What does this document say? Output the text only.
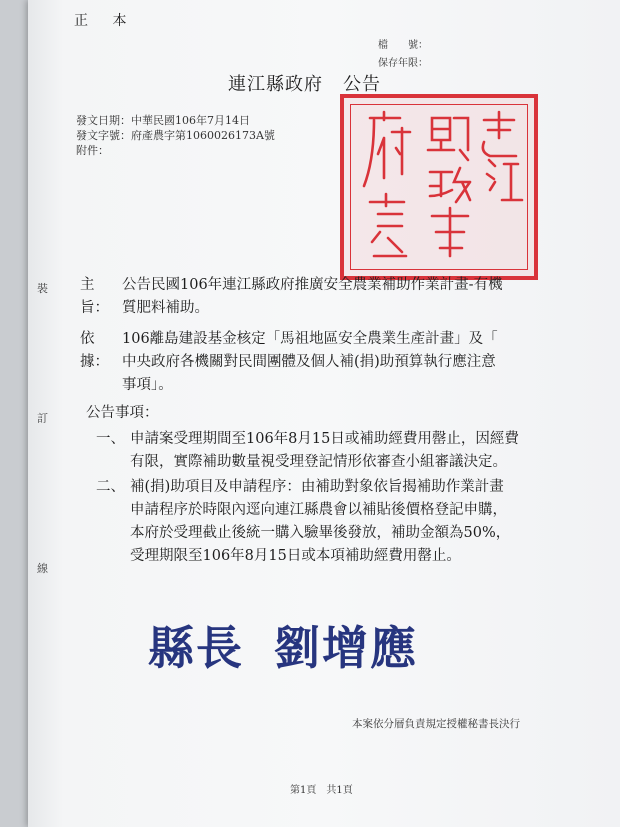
正 本
檔　　號：
保存年限：
連江縣政府 公告
發文日期：中華民國106年7月14日
發文字號：府產農字第1060026173A號
附件：
主旨：
公告民國106年連江縣政府推廣安全農業補助作業計畫-有機
質肥料補助。
依據：
106離島建設基金核定「馬祖地區安全農業生產計畫」及「
中央政府各機關對民間團體及個人補(捐)助預算執行應注意
事項」。
公告事項：
一、 申請案受理期間至106年8月15日或補助經費用罄止，因經費
有限，實際補助數量視受理登記情形依審查小組審議決定。
二、 補(捐)助項目及申請程序：由補助對象依旨揭補助作業計畫
申請程序於時限內逕向連江縣農會以補貼後價格登記申購，
本府於受理截止後統一購入驗畢後發放，補助金額為50%，
受理期限至106年8月15日或本項補助經費用罄止。
縣長 劉增應
本案依分層負責規定授權秘書長決行
第1頁　共1頁
裝
訂
線
